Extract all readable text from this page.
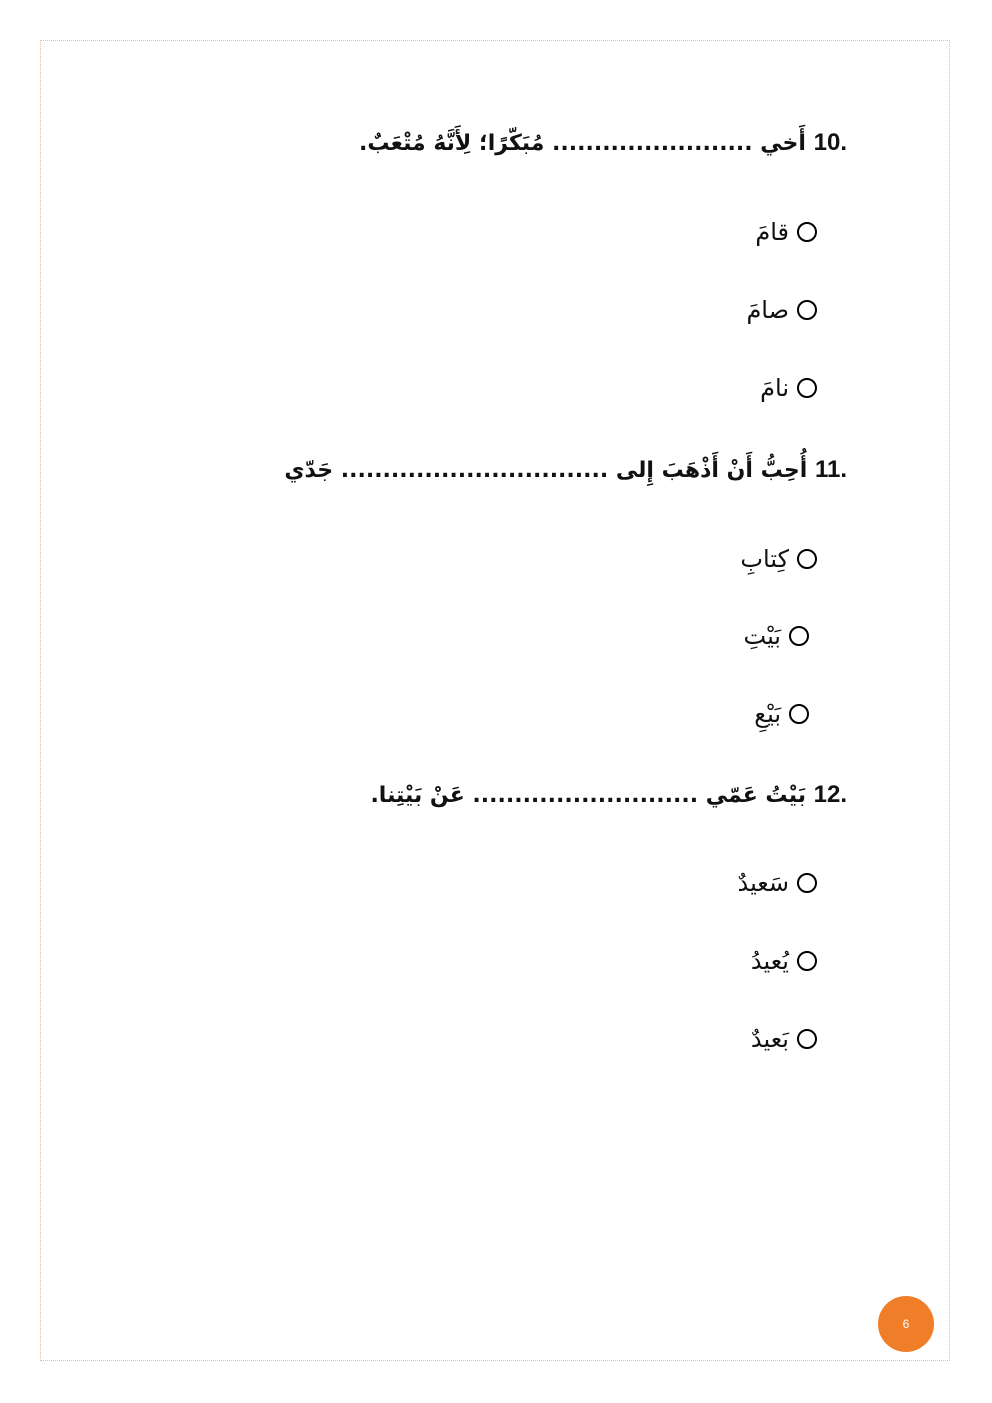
.10 أَخي ........................ مُبَكّرًا؛ لِأَنَّهُ مُتْعَبٌ.
قامَ
صامَ
نامَ
.11 أُحِبُّ أَنْ أَذْهَبَ إِلى ................................ جَدّي
كِتابِ
بَيْتِ
بَيْعِ
.12 بَيْتُ عَمّي ........................... عَنْ بَيْتِنا.
سَعيدٌ
يُعيدُ
بَعيدٌ
6
